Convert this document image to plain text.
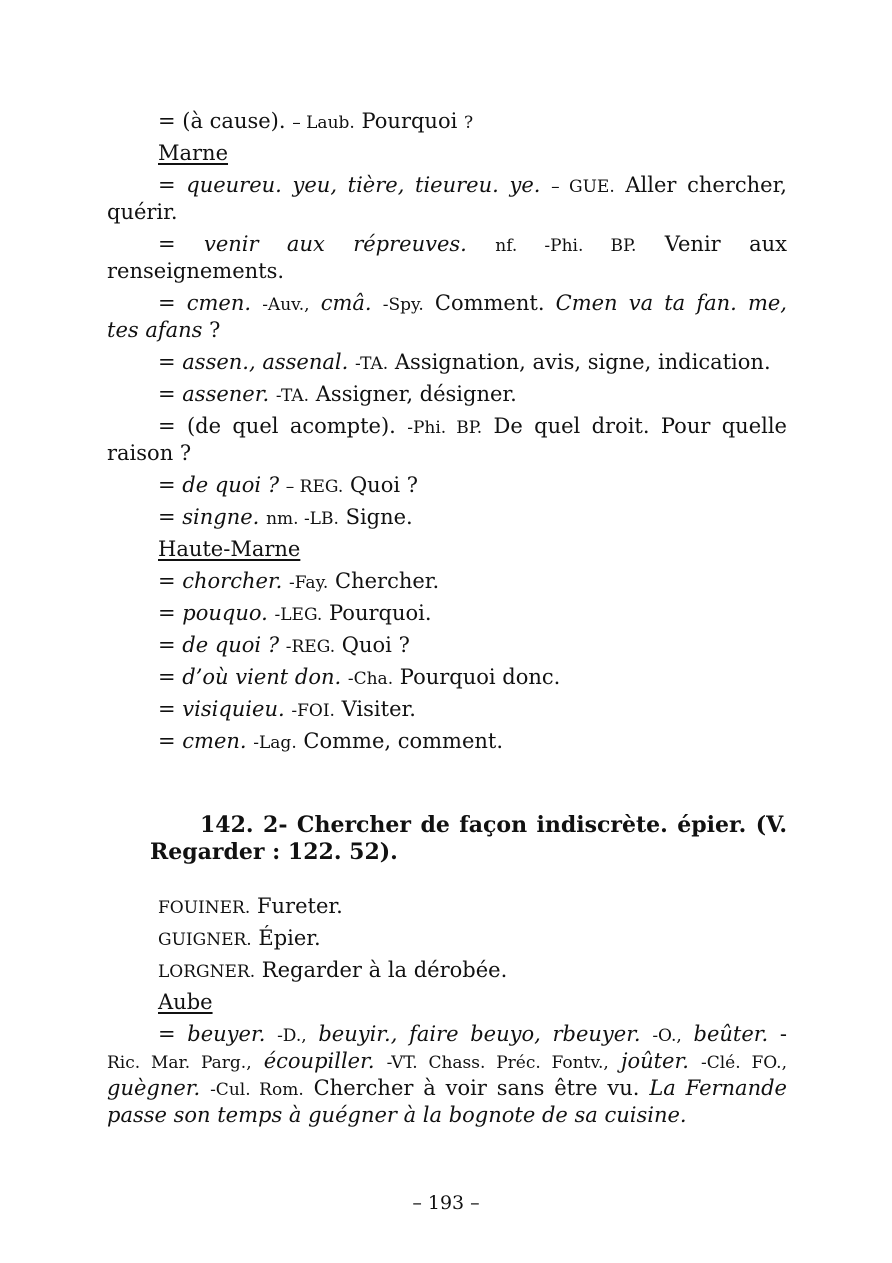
= (à cause). – Laub. Pourquoi ?
Marne
= queureu. yeu, tière, tieureu. ye. – GUE. Aller chercher,
quérir.
= venir aux répreuves. nf. -Phi. BP. Venir aux
renseignements.
= cmen. -Auv., cmâ. -Spy. Comment. Cmen va ta fan. me,
tes afans ?
= assen., assenal. -TA. Assignation, avis, signe, indication.
= assener. -TA. Assigner, désigner.
= (de quel acompte). -Phi. BP. De quel droit. Pour quelle
raison ?
= de quoi ? – REG. Quoi ?
= singne. nm. -LB. Signe.
Haute-Marne
= chorcher. -Fay. Chercher.
= pouquo. -LEG. Pourquoi.
= de quoi ? -REG. Quoi ?
= d’où vient don. -Cha. Pourquoi donc.
= visiquieu. -FOI. Visiter.
= cmen. -Lag. Comme, comment.
142. 2- Chercher de façon indiscrète. épier. (V.
Regarder : 122. 52).
FOUINER. Fureter.
GUIGNER. Épier.
LORGNER. Regarder à la dérobée.
Aube
= beuyer. -D., beuyir., faire beuyo, rbeuyer. -O., beûter. -
Ric. Mar. Parg., écoupiller. -VT. Chass. Préc. Fontv., joûter. -Clé. FO.,
guègner. -Cul. Rom. Chercher à voir sans être vu. La Fernande
passe son temps à guégner à la bognote de sa cuisine.
– 193 –
